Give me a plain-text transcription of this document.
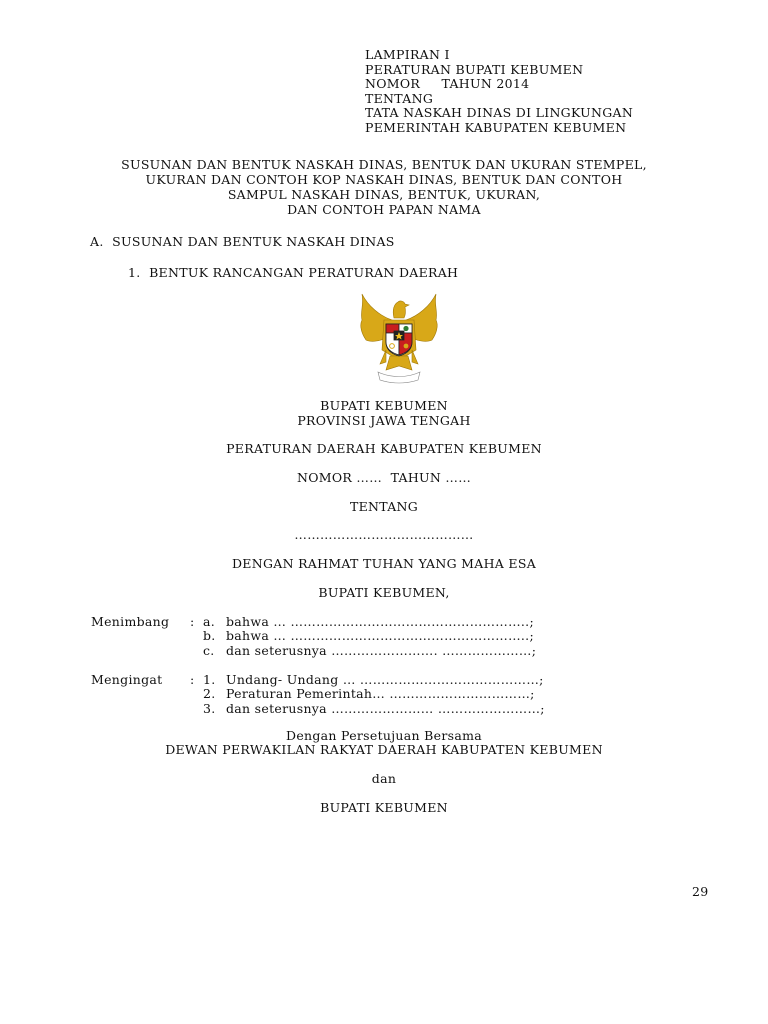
LAMPIRAN I
PERATURAN BUPATI KEBUMEN
NOMOR     TAHUN 2014
TENTANG
TATA NASKAH DINAS DI LINGKUNGAN
PEMERINTAH KABUPATEN KEBUMEN
SUSUNAN DAN BENTUK NASKAH DINAS, BENTUK DAN UKURAN STEMPEL,
UKURAN DAN CONTOH KOP NASKAH DINAS, BENTUK DAN CONTOH
SAMPUL NASKAH DINAS, BENTUK, UKURAN,
DAN CONTOH PAPAN NAMA
A.  SUSUNAN DAN BENTUK NASKAH DINAS
1.  BENTUK RANCANGAN PERATURAN DAERAH
BUPATI KEBUMEN
PROVINSI JAWA TENGAH
PERATURAN DAERAH KABUPATEN KEBUMEN
NOMOR ……  TAHUN ……
TENTANG
……………………………………
DENGAN RAHMAT TUHAN YANG MAHA ESA
BUPATI KEBUMEN,
Menimbang : a. bahwa … ………………………………………………..;
b. bahwa … ………………………………………………..;
c. dan seterusnya ……………………. …………………;
Mengingat : 1. Undang- Undang … ……………………………………;
2. Peraturan Pemerintah… ……………………………;
3. dan seterusnya …………………… ……………………;
Dengan Persetujuan Bersama
DEWAN PERWAKILAN RAKYAT DAERAH KABUPATEN KEBUMEN
dan
BUPATI KEBUMEN
29
